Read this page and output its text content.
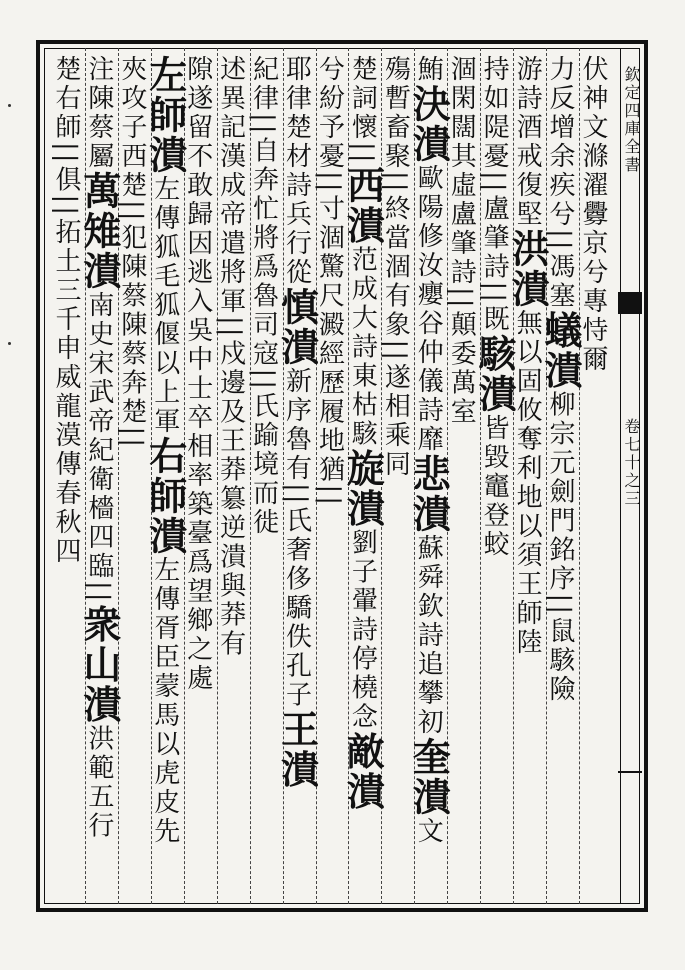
欽定四庫全書
卷七十之三
伏神文滌濯釁京兮專恃爾
力反增余疾兮||馮塞蟻潰柳宗元劍門銘序||鼠駭險
游詩酒戒復堅洪潰無以固攸奪利地以須王師陸
持如隄憂||盧肇詩||既駭潰皆毀竈登蛟
涸閑闊其虛盧肇詩||顛委萬室
鮪決潰歐陽修汝癭谷仲儀詩靡悲潰蘇舜欽詩追攀初奎潰文
殤暫畜聚||終當涸有象||遂相乘同
楚詞懷||西潰范成大詩東枯駭旋潰劉子翬詩停橈念敵潰
兮紛予憂||寸涸驚尺澱經歷履地猶||
耶律楚材詩兵行從慎潰新序魯有||氏奢侈驕佚孔子王潰
紀律||自奔忙將爲魯司寇||氏踰境而徙
述異記漢成帝遣將軍||戍邊及王莽簒逆潰與莽有
隙遂留不敢歸因逃入吳中士卒相率築臺爲望鄉之處
左師潰左傳狐毛狐偃以上軍右師潰左傳胥臣蒙馬以虎皮先
夾攻子西楚||犯陳蔡陳蔡奔楚||
注陳蔡屬萬雉潰南史宋武帝紀衛檣四臨||衆山潰洪範五行
楚右師||俱||拓土三千申威龍漠傳春秋四
